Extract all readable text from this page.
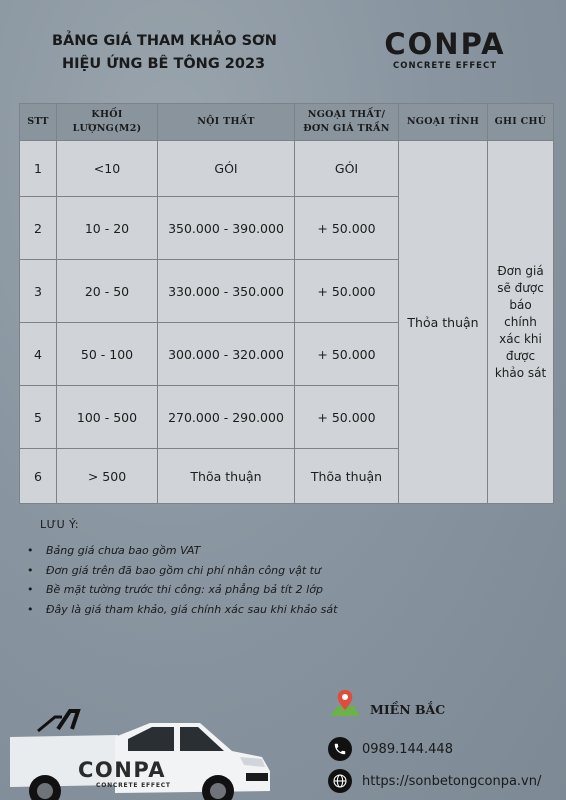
BẢNG GIÁ THAM KHẢO SƠN
HIỆU ỨNG BÊ TÔNG 2023
CONPA
CONCRETE EFFECT
STT	KHỐI LƯỢNG(M2)	NỘI THẤT	NGOẠI THẤT/
ĐƠN GIÁ TRẦN	NGOẠI TỈNH	GHI CHÚ
1	<10	GÓI	GÓI	Thỏa thuận	Đơn giá sẽ được báo chính xác khi được khảo sát
2	10 - 20	350.000 - 390.000	+ 50.000		
3	20 - 50	330.000 - 350.000	+ 50.000		
4	50 - 100	300.000 - 320.000	+ 50.000		
5	100 - 500	270.000 - 290.000	+ 50.000		
6	> 500	Thõa thuận	Thõa thuận		
LƯU Ý:
• Bảng giá chưa bao gồm VAT
• Đơn giá trên đã bao gồm chi phí nhân công vật tư
• Bề mặt tường trước thi công: xả phẳng bả tít 2 lớp
• Đây là giá tham khảo, giá chính xác sau khi khảo sát
CONPA
CONCRETE EFFECT
MIỀN BẮC
0989.144.448
https://sonbetongconpa.vn/
